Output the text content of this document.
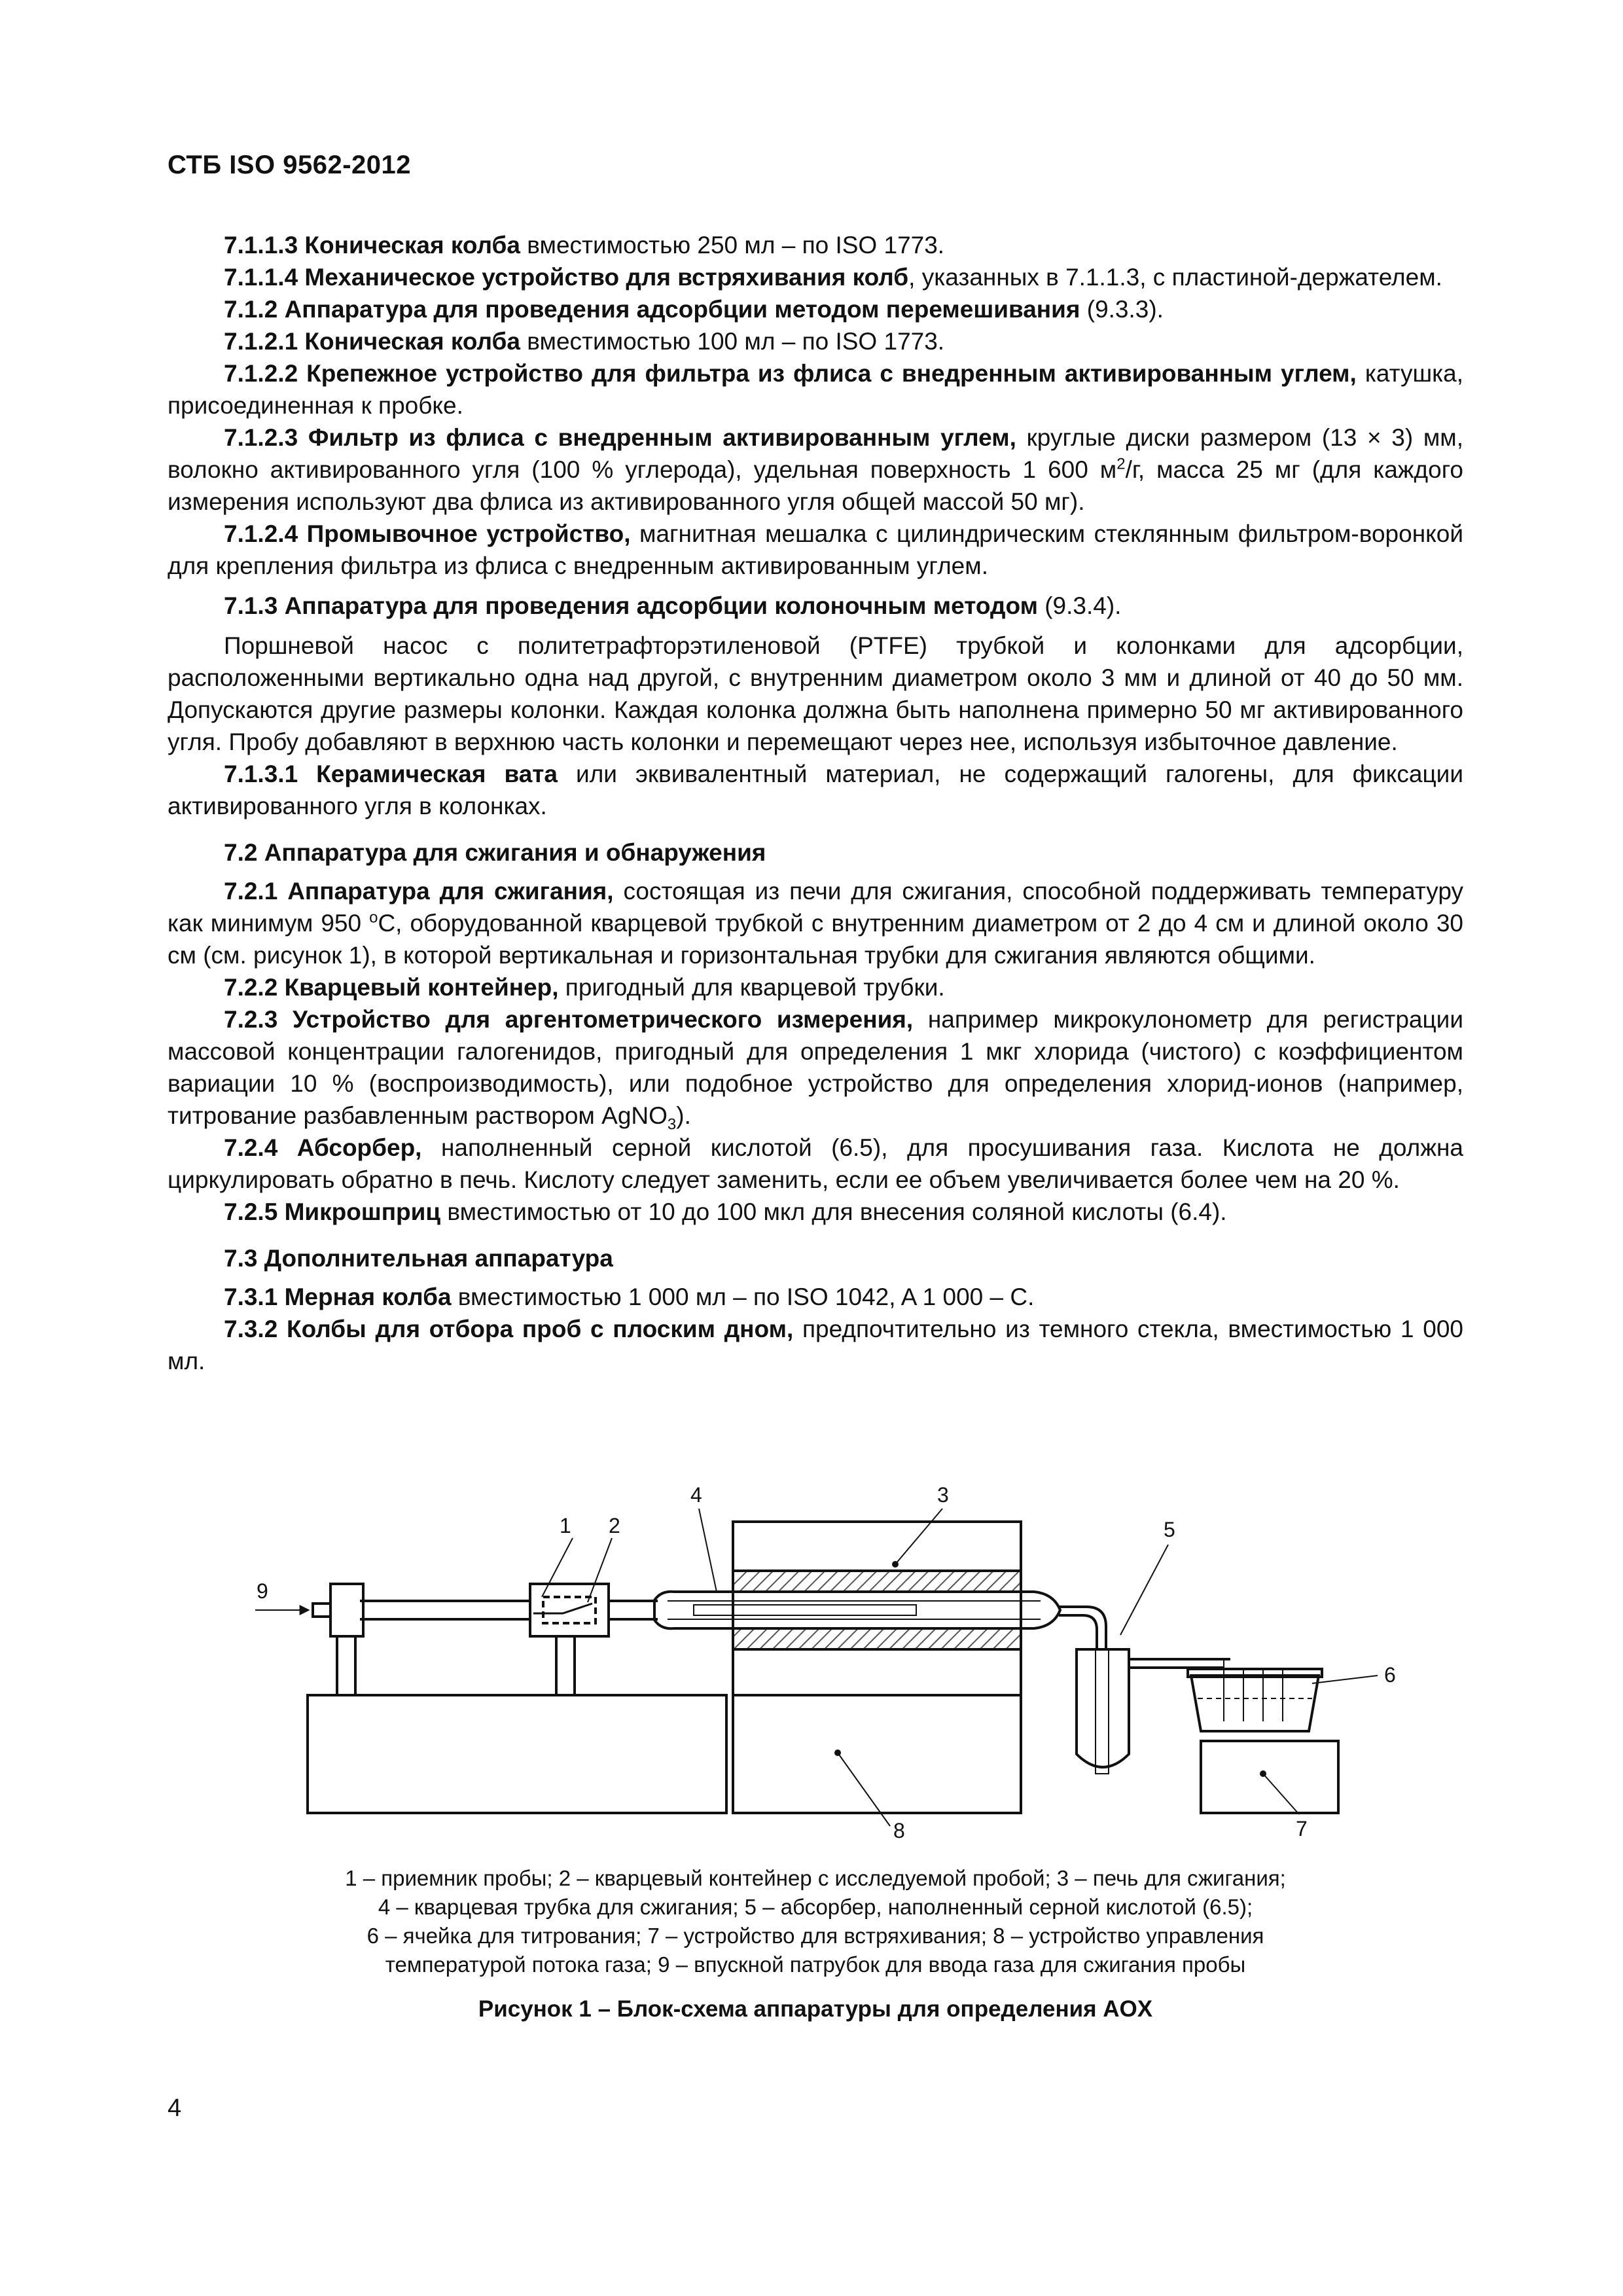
СТБ ISO 9562-2012

7.1.1.3 Коническая колба вместимостью 250 мл – по ISO 1773.

7.1.1.4 Механическое устройство для встряхивания колб, указанных в 7.1.1.3, с пластиной-держателем.

7.1.2 Аппаратура для проведения адсорбции методом перемешивания (9.3.3).

7.1.2.1 Коническая колба вместимостью 100 мл – по ISO 1773.

7.1.2.2 Крепежное устройство для фильтра из флиса с внедренным активированным углем, катушка, присоединенная к пробке.

7.1.2.3 Фильтр из флиса с внедренным активированным углем, круглые диски размером (13 × 3) мм, волокно активированного угля (100 % углерода), удельная поверхность 1 600 $м^2/г$, масса 25 мг (для каждого измерения используют два флиса из активированного угля общей массой 50 мг).

7.1.2.4 Промывочное устройство, магнитная мешалка с цилиндрическим стеклянным фильтром-воронкой для крепления фильтра из флиса с внедренным активированным углем.

7.1.3 Аппаратура для проведения адсорбции колоночным методом (9.3.4).

Поршневой насос с политетрафторэтиленовой (PTFE) трубкой и колонками для адсорбции, расположенными вертикально одна над другой, с внутренним диаметром около 3 мм и длиной от 40 до 50 мм. Допускаются другие размеры колонки. Каждая колонка должна быть наполнена примерно 50 мг активированного угля. Пробу добавляют в верхнюю часть колонки и перемещают через нее, используя избыточное давление.

7.1.3.1 Керамическая вата или эквивалентный материал, не содержащий галогены, для фиксации активированного угля в колонках.

7.2 Аппаратура для сжигания и обнаружения

7.2.1 Аппаратура для сжигания, состоящая из печи для сжигания, способной поддерживать температуру как минимум 950 $^o$С, оборудованной кварцевой трубкой с внутренним диаметром от 2 до 4 см и длиной около 30 см (см. рисунок 1), в которой вертикальная и горизонтальная трубки для сжигания являются общими.

7.2.2 Кварцевый контейнер, пригодный для кварцевой трубки.

7.2.3 Устройство для аргентометрического измерения, например микрокулонометр для регистрации массовой концентрации галогенидов, пригодный для определения 1 мкг хлорида (чистого) с коэффициентом вариации 10 % (воспроизводимость), или подобное устройство для определения хлорид-ионов (например, титрование разбавленным раствором AgNO$_3$).

7.2.4 Абсорбер, наполненный серной кислотой (6.5), для просушивания газа. Кислота не должна циркулировать обратно в печь. Кислоту следует заменить, если ее объем увеличивается более чем на 20 %.

7.2.5 Микрошприц вместимостью от 10 до 100 мкл для внесения соляной кислоты (6.4).

7.3 Дополнительная аппаратура

7.3.1 Мерная колба вместимостью 1 000 мл – по ISO 1042, A 1 000 – C.

7.3.2 Колбы для отбора проб с плоским дном, предпочтительно из темного стекла, вместимостью 1 000 мл.

1 2
3
4
5
6
7
8
9
1 – приемник пробы; 2 – кварцевый контейнер с исследуемой пробой; 3 – печь для сжигания;
4 – кварцевая трубка для сжигания; 5 – абсорбер, наполненный серной кислотой (6.5);
6 – ячейка для титрования; 7 – устройство для встряхивания; 8 – устройство управления
температурой потока газа; 9 – впускной патрубок для ввода газа для сжигания пробы
Рисунок 1 – Блок-схема аппаратуры для определения AOX
4
